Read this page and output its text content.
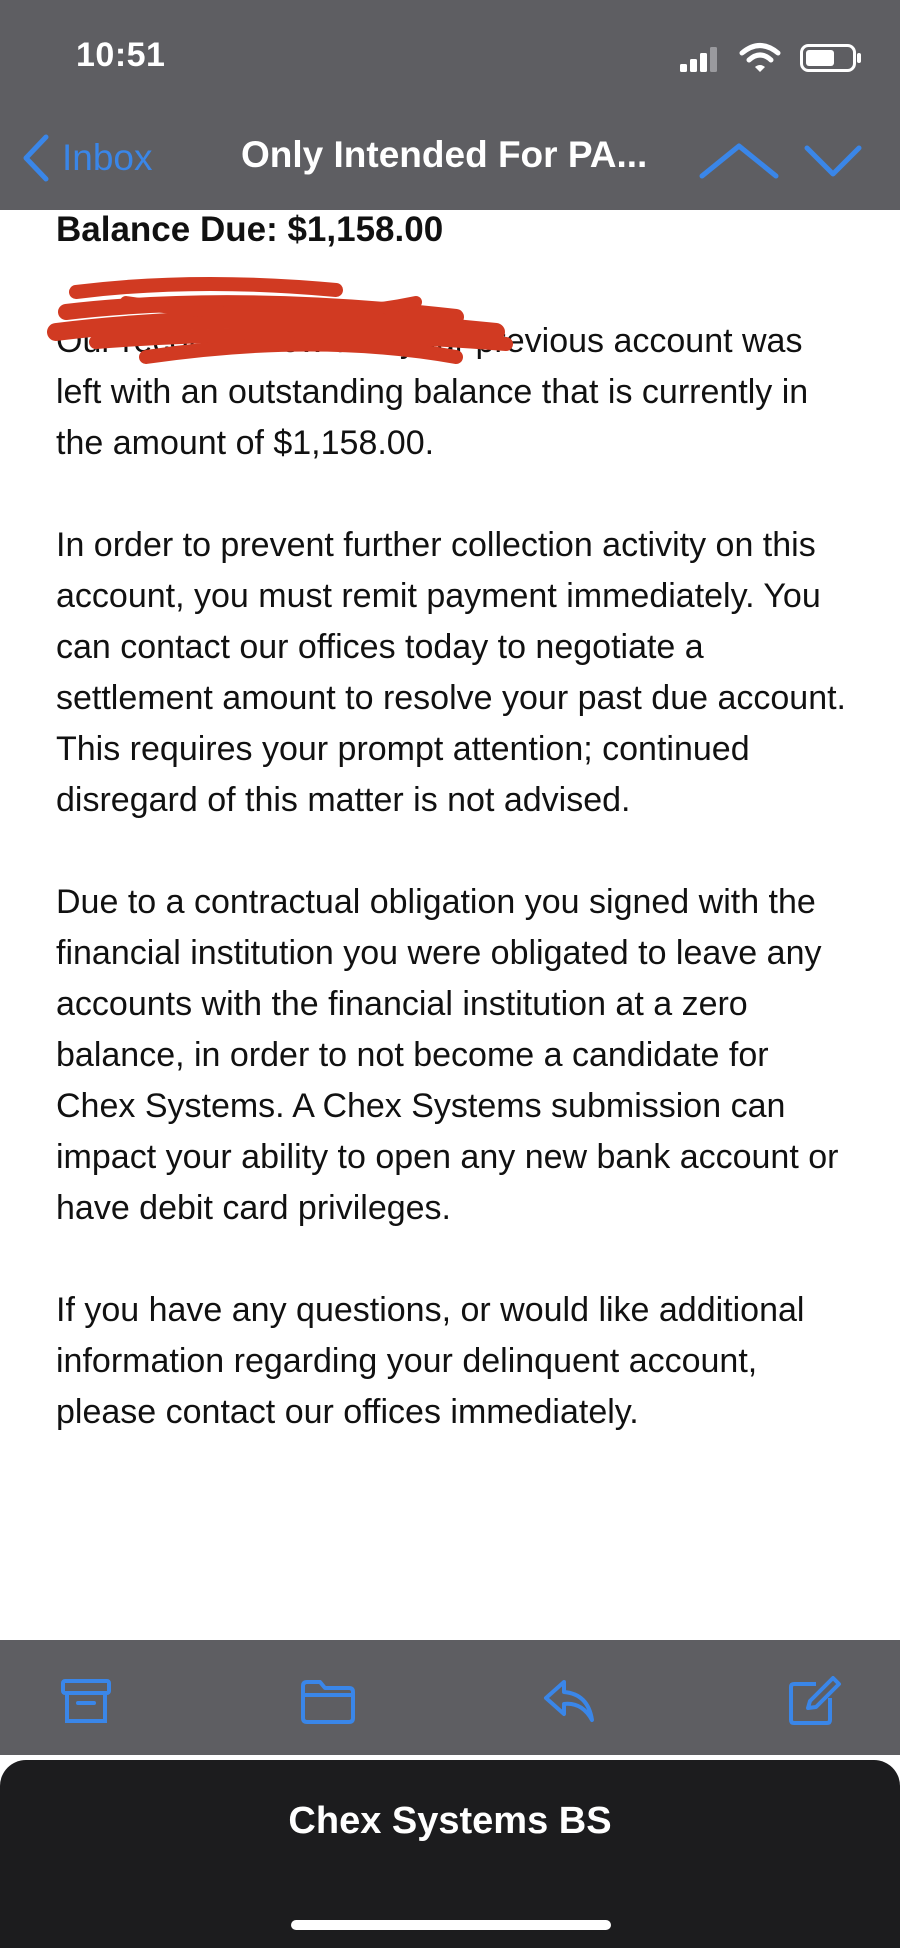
10:51
Inbox Only Intended For PA...
Balance Due: $1,158.00

Our records show that your previous account was left with an outstanding balance that is currently in the amount of $1,158.00.

In order to prevent further collection activity on this account, you must remit payment immediately. You can contact our offices today to negotiate a settlement amount to resolve your past due account. This requires your prompt attention; continued disregard of this matter is not advised.

Due to a contractual obligation you signed with the financial institution you were obligated to leave any accounts with the financial institution at a zero balance, in order to not become a candidate for Chex Systems. A Chex Systems submission can impact your ability to open any new bank account or have debit card privileges.

If you have any questions, or would like additional information regarding your delinquent account, please contact our offices immediately.

Chex Systems BS
